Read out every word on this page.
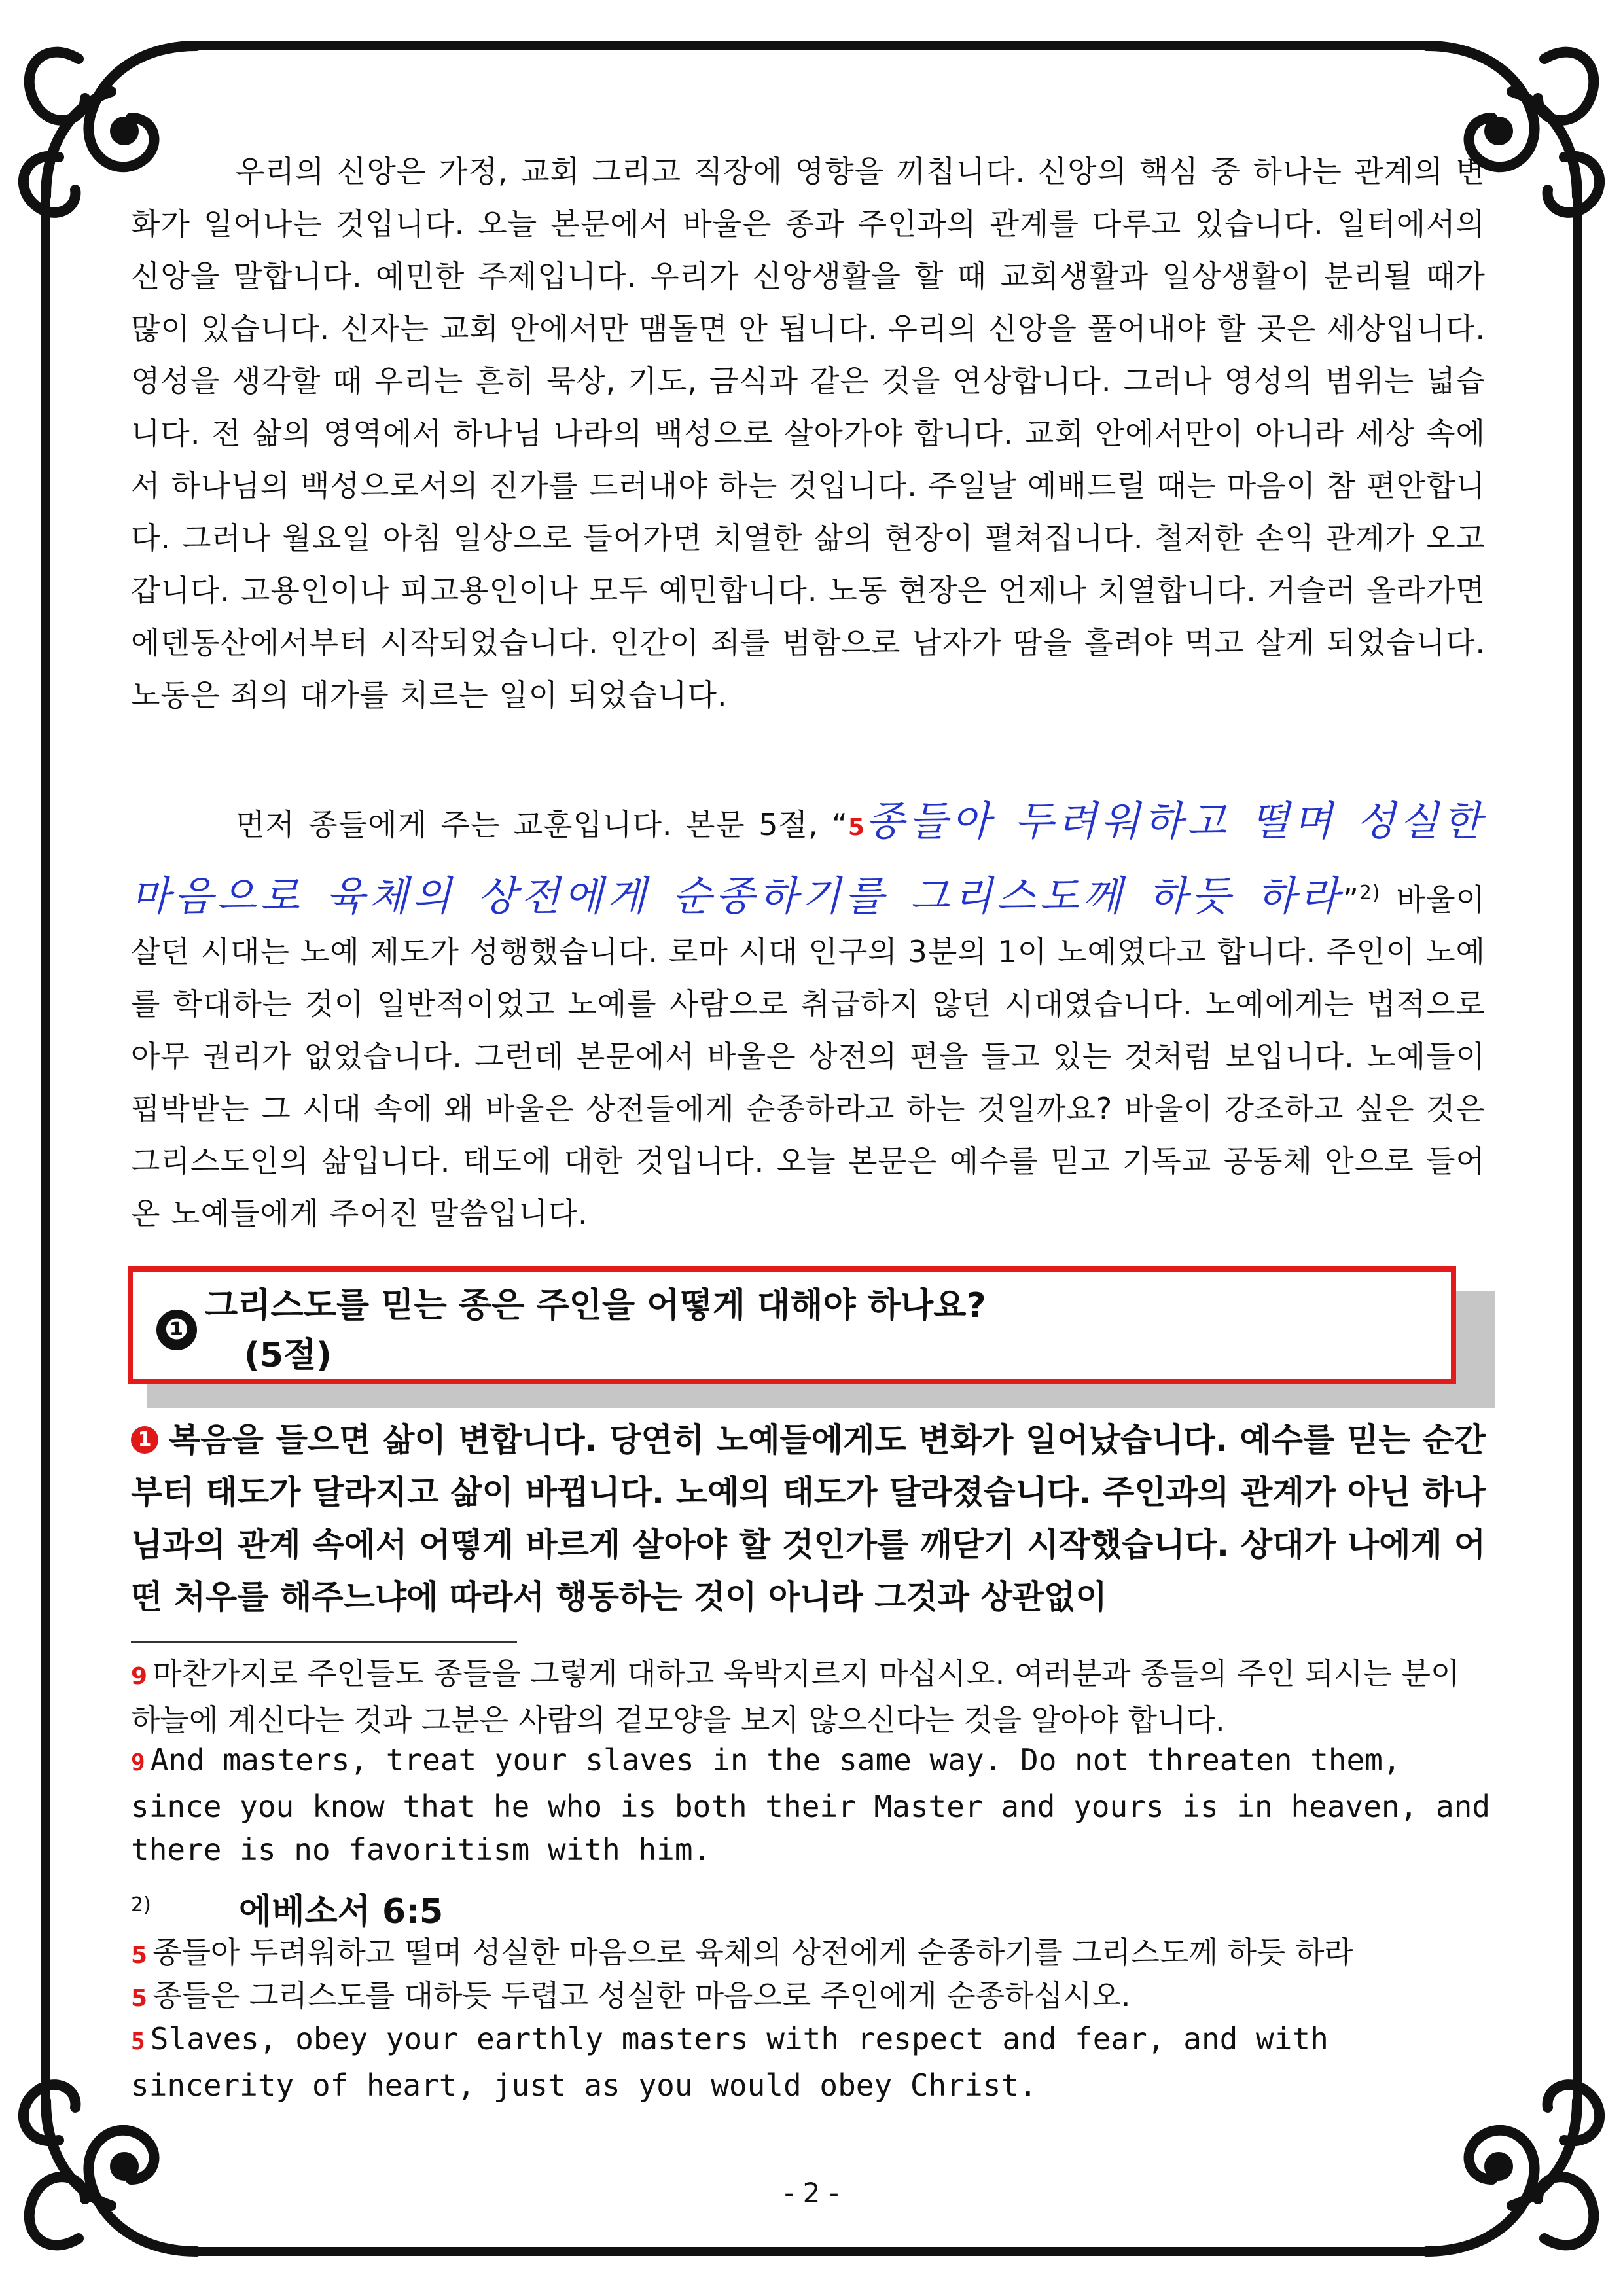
우리의 신앙은 가정, 교회 그리고 직장에 영향을 끼칩니다. 신앙의 핵심 중 하나는 관계의 변화가 일어나는 것입니다. 오늘 본문에서 바울은 종과 주인과의 관계를 다루고 있습니다. 일터에서의 신앙을 말합니다. 예민한 주제입니다. 우리가 신앙생활을 할 때 교회생활과 일상생활이 분리될 때가 많이 있습니다. 신자는 교회 안에서만 맴돌면 안 됩니다. 우리의 신앙을 풀어내야 할 곳은 세상입니다. 영성을 생각할 때 우리는 흔히 묵상, 기도, 금식과 같은 것을 연상합니다. 그러나 영성의 범위는 넓습니다. 전 삶의 영역에서 하나님 나라의 백성으로 살아가야 합니다. 교회 안에서만이 아니라 세상 속에서 하나님의 백성으로서의 진가를 드러내야 하는 것입니다. 주일날 예배드릴 때는 마음이 참 편안합니다. 그러나 월요일 아침 일상으로 들어가면 치열한 삶의 현장이 펼쳐집니다. 철저한 손익 관계가 오고 갑니다. 고용인이나 피고용인이나 모두 예민합니다. 노동 현장은 언제나 치열합니다. 거슬러 올라가면 에덴동산에서부터 시작되었습니다. 인간이 죄를 범함으로 남자가 땀을 흘려야 먹고 살게 되었습니다. 노동은 죄의 대가를 치르는 일이 되었습니다.

먼저 종들에게 주는 교훈입니다. 본문 5절, “5종들아 두려워하고 떨며 성실한 마음으로 육체의 상전에게 순종하기를 그리스도께 하듯 하라”$^{2)}$ 바울이 살던 시대는 노예 제도가 성행했습니다. 로마 시대 인구의 3분의 1이 노예였다고 합니다. 주인이 노예를 학대하는 것이 일반적이었고 노예를 사람으로 취급하지 않던 시대였습니다. 노예에게는 법적으로 아무 권리가 없었습니다. 그런데 본문에서 바울은 상전의 편을 들고 있는 것처럼 보입니다. 노예들이 핍박받는 그 시대 속에 왜 바울은 상전들에게 순종하라고 하는 것일까요? 바울이 강조하고 싶은 것은 그리스도인의 삶입니다. 태도에 대한 것입니다. 오늘 본문은 예수를 믿고 기독교 공동체 안으로 들어온 노예들에게 주어진 말씀입니다.

❶
그리스도를 믿는 종은 주인을 어떻게 대해야 하나요?
(5절)

1 복음을 들으면 삶이 변합니다. 당연히 노예들에게도 변화가 일어났습니다. 예수를 믿는 순간부터 태도가 달라지고 삶이 바뀝니다. 노예의 태도가 달라졌습니다. 주인과의 관계가 아닌 하나님과의 관계 속에서 어떻게 바르게 살아야 할 것인가를 깨닫기 시작했습니다. 상대가 나에게 어떤 처우를 해주느냐에 따라서 행동하는 것이 아니라 그것과 상관없이

9 마찬가지로 주인들도 종들을 그렇게 대하고 욱박지르지 마십시오. 여러분과 종들의 주인 되시는 분이 하늘에 계신다는 것과 그분은 사람의 겉모양을 보지 않으신다는 것을 알아야 합니다.

9 And masters, treat your slaves in the same way. Do not threaten them, since you know that he who is both their Master and yours is in heaven, and there is no favoritism with him.

2)	에베소서 6:5

5 종들아 두려워하고 떨며 성실한 마음으로 육체의 상전에게 순종하기를 그리스도께 하듯 하라

5 종들은 그리스도를 대하듯 두렵고 성실한 마음으로 주인에게 순종하십시오.

5 Slaves, obey your earthly masters with respect and fear, and with sincerity of heart, just as you would obey Christ.

- 2 -
